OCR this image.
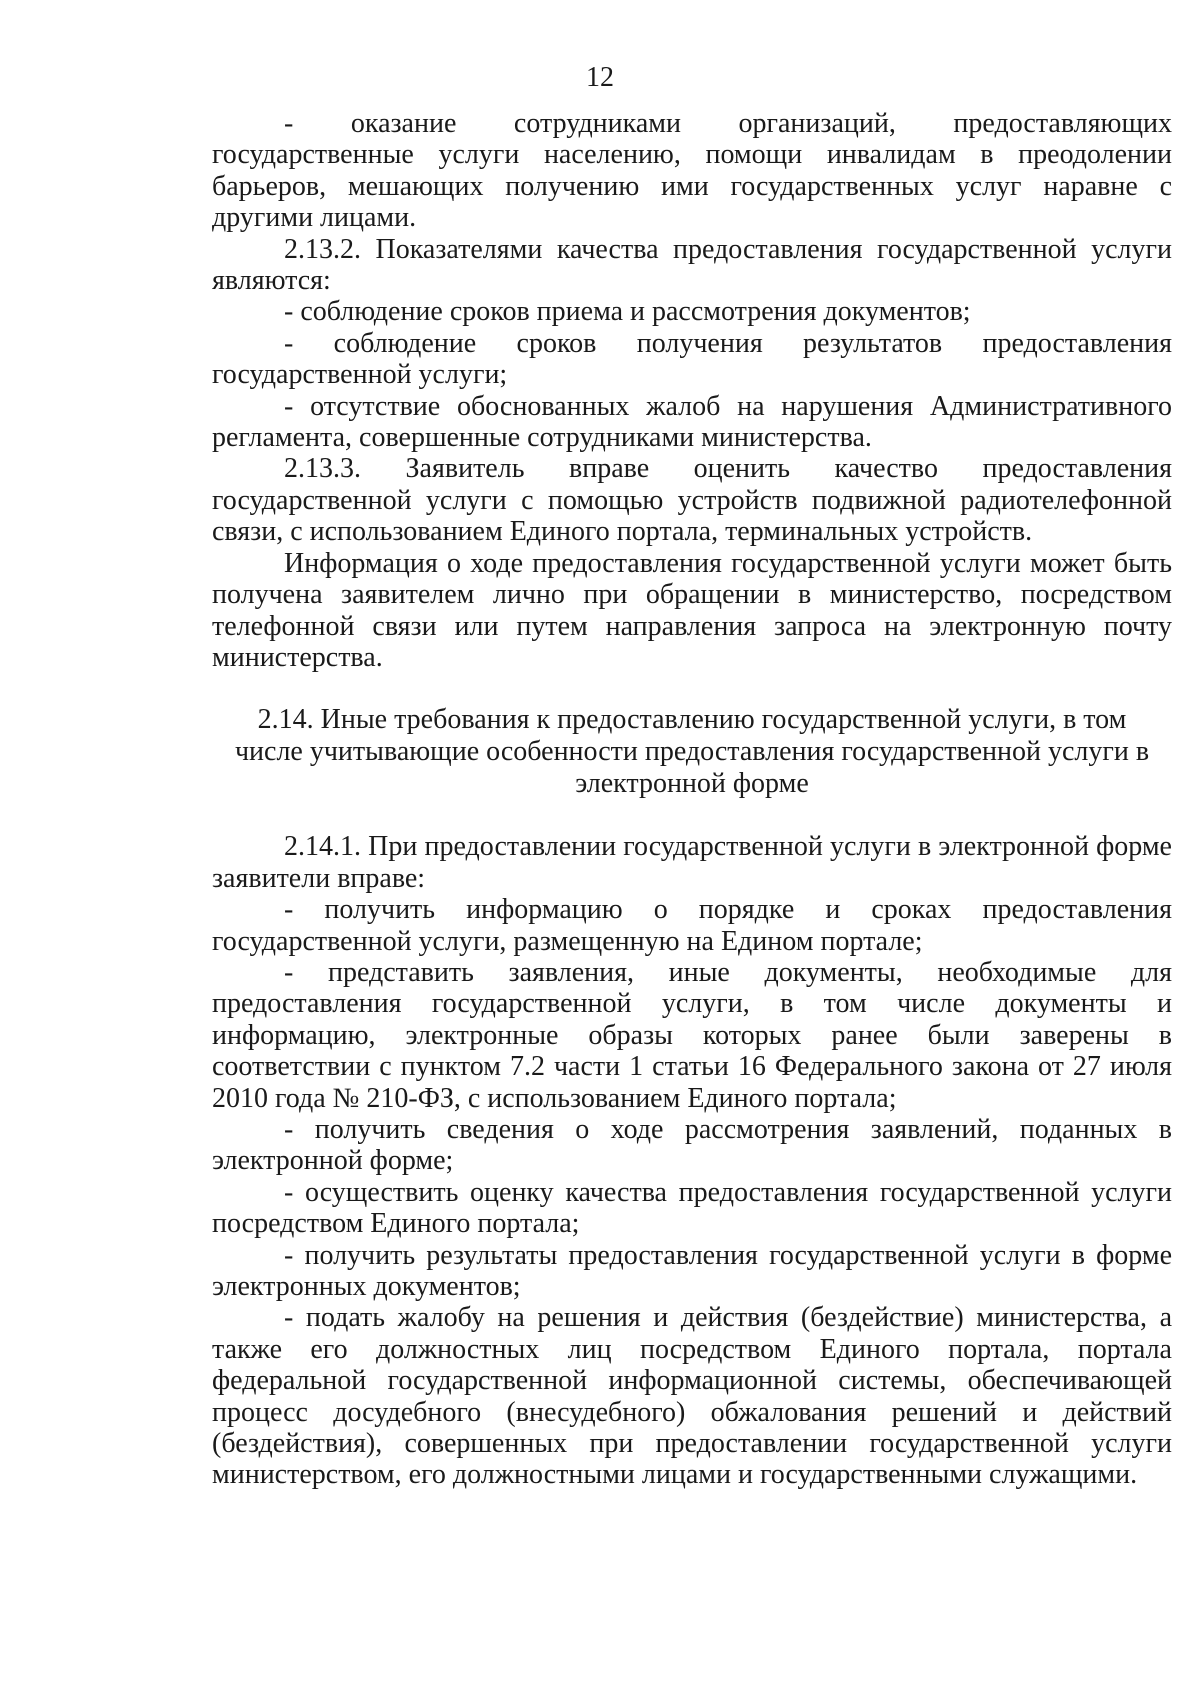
12

- оказание сотрудниками организаций, предоставляющих государственные услуги населению, помощи инвалидам в преодолении барьеров, мешающих получению ими государственных услуг наравне с другими лицами.

2.13.2. Показателями качества предоставления государственной услуги являются:

- соблюдение сроков приема и рассмотрения документов;

- соблюдение сроков получения результатов предоставления государственной услуги;

- отсутствие обоснованных жалоб на нарушения Административного регламента, совершенные сотрудниками министерства.

2.13.3. Заявитель вправе оценить качество предоставления государственной услуги с помощью устройств подвижной радиотелефонной связи, с использованием Единого портала, терминальных устройств.

Информация о ходе предоставления государственной услуги может быть получена заявителем лично при обращении в министерство, посредством телефонной связи или путем направления запроса на электронную почту министерства.

2.14. Иные требования к предоставлению государственной услуги, в том числе учитывающие особенности предоставления государственной услуги в электронной форме

2.14.1. При предоставлении государственной услуги в электронной форме заявители вправе:

- получить информацию о порядке и сроках предоставления государственной услуги, размещенную на Едином портале;

- представить заявления, иные документы, необходимые для предоставления государственной услуги, в том числе документы и информацию, электронные образы которых ранее были заверены в соответствии с пунктом 7.2 части 1 статьи 16 Федерального закона от 27 июля 2010 года № 210-ФЗ, с использованием Единого портала;

- получить сведения о ходе рассмотрения заявлений, поданных в электронной форме;

- осуществить оценку качества предоставления государственной услуги посредством Единого портала;

- получить результаты предоставления государственной услуги в форме электронных документов;

- подать жалобу на решения и действия (бездействие) министерства, а также его должностных лиц посредством Единого портала, портала федеральной государственной информационной системы, обеспечивающей процесс досудебного (внесудебного) обжалования решений и действий (бездействия), совершенных при предоставлении государственной услуги министерством, его должностными лицами и государственными служащими.
